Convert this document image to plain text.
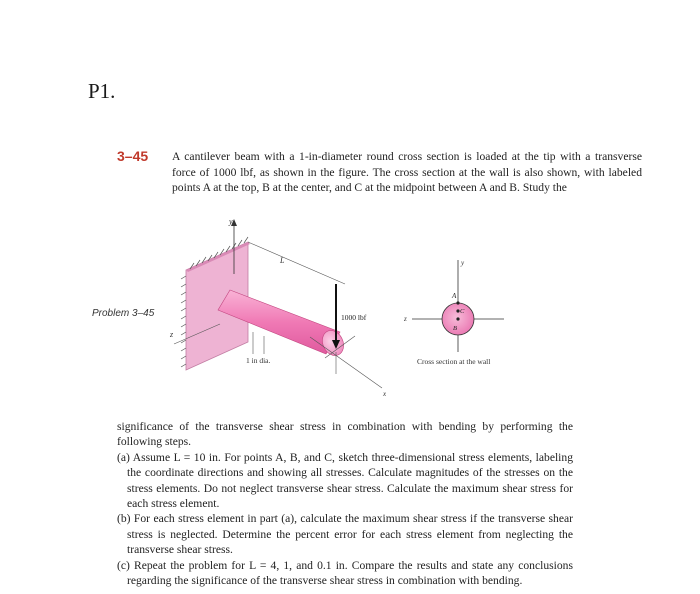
P1.
3–45 A cantilever beam with a 1-in-diameter round cross section is loaded at the tip with a transverse force of 1000 lbf, as shown in the figure. The cross section at the wall is also shown, with labeled points A at the top, B at the center, and C at the midpoint between A and B. Study the
Problem 3–45
y
L
z
1 in dia.
1000 lbf
x
y
z
A
C
B
Cross section at the wall

significance of the transverse shear stress in combination with bending by performing the following steps.

(a) Assume L = 10 in. For points A, B, and C, sketch three-dimensional stress elements, labeling the coordinate directions and showing all stresses. Calculate magnitudes of the stresses on the stress elements. Do not neglect transverse shear stress. Calculate the maximum shear stress for each stress element.

(b) For each stress element in part (a), calculate the maximum shear stress if the transverse shear stress is neglected. Determine the percent error for each stress element from neglecting the transverse shear stress.

(c) Repeat the problem for L = 4, 1, and 0.1 in. Compare the results and state any conclusions regarding the significance of the transverse shear stress in combination with bending.
